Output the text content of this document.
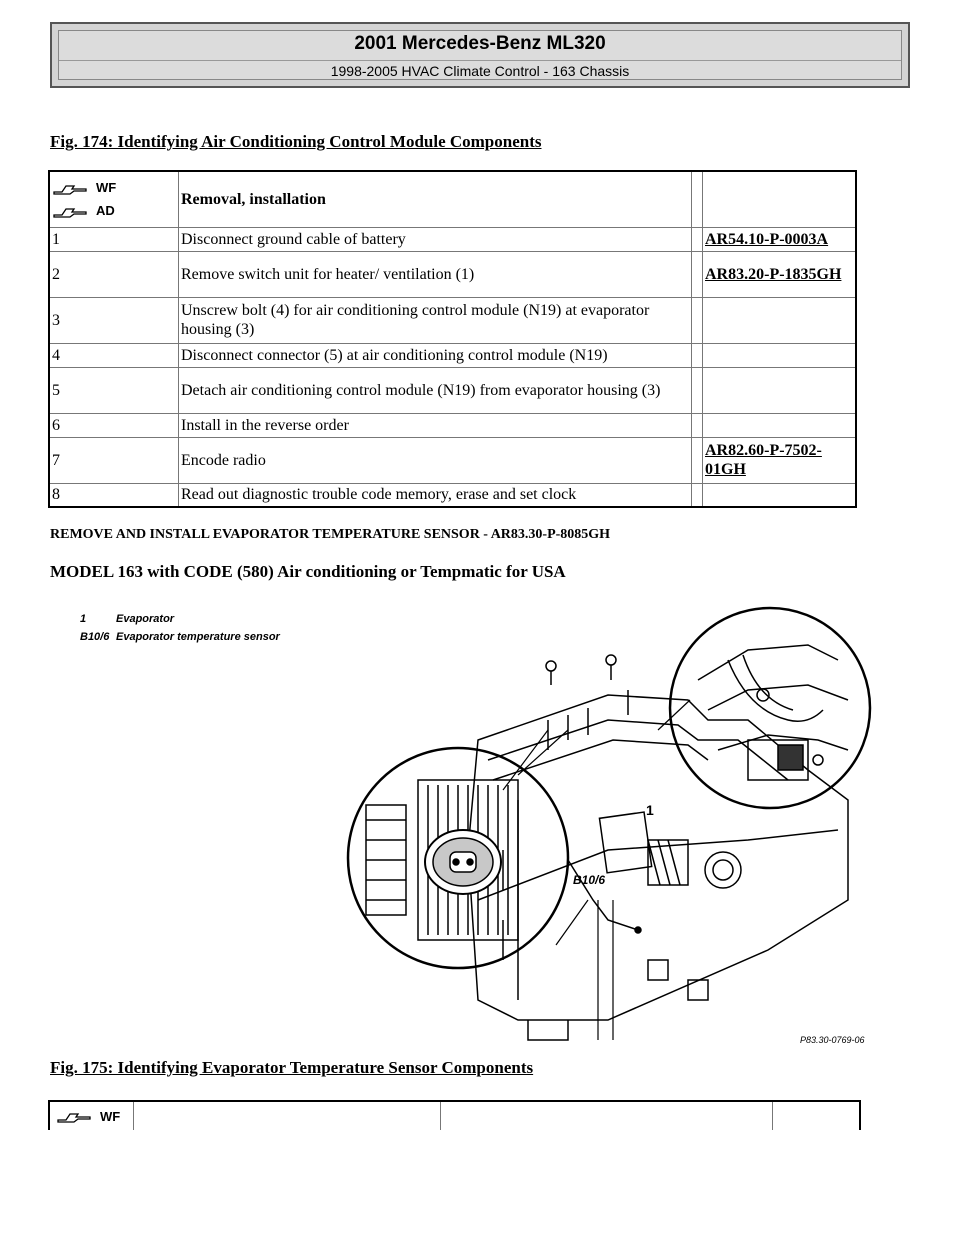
2001 Mercedes-Benz ML320
1998-2005 HVAC Climate Control - 163 Chassis
Fig. 174: Identifying Air Conditioning Control Module Components
WF
AD	Removal, installation		
1	Disconnect ground cable of battery		AR54.10-P-0003A
2	Remove switch unit for heater/ ventilation (1)		AR83.20-P-1835GH
3	Unscrew bolt (4) for air conditioning control module (N19) at evaporator housing (3)		
4	Disconnect connector (5) at air conditioning control module (N19)		
5	Detach air conditioning control module (N19) from evaporator housing (3)		
6	Install in the reverse order		
7	Encode radio		AR82.60-P-7502-01GH
8	Read out diagnostic trouble code memory, erase and set clock		
REMOVE AND INSTALL EVAPORATOR TEMPERATURE SENSOR - AR83.30-P-8085GH
MODEL 163 with CODE (580) Air conditioning or Tempmatic for USA
1	Evaporator
B10/6 Evaporator temperature sensor
1
B10/6
P83.30-0769-06
Fig. 175: Identifying Evaporator Temperature Sensor Components
WF
